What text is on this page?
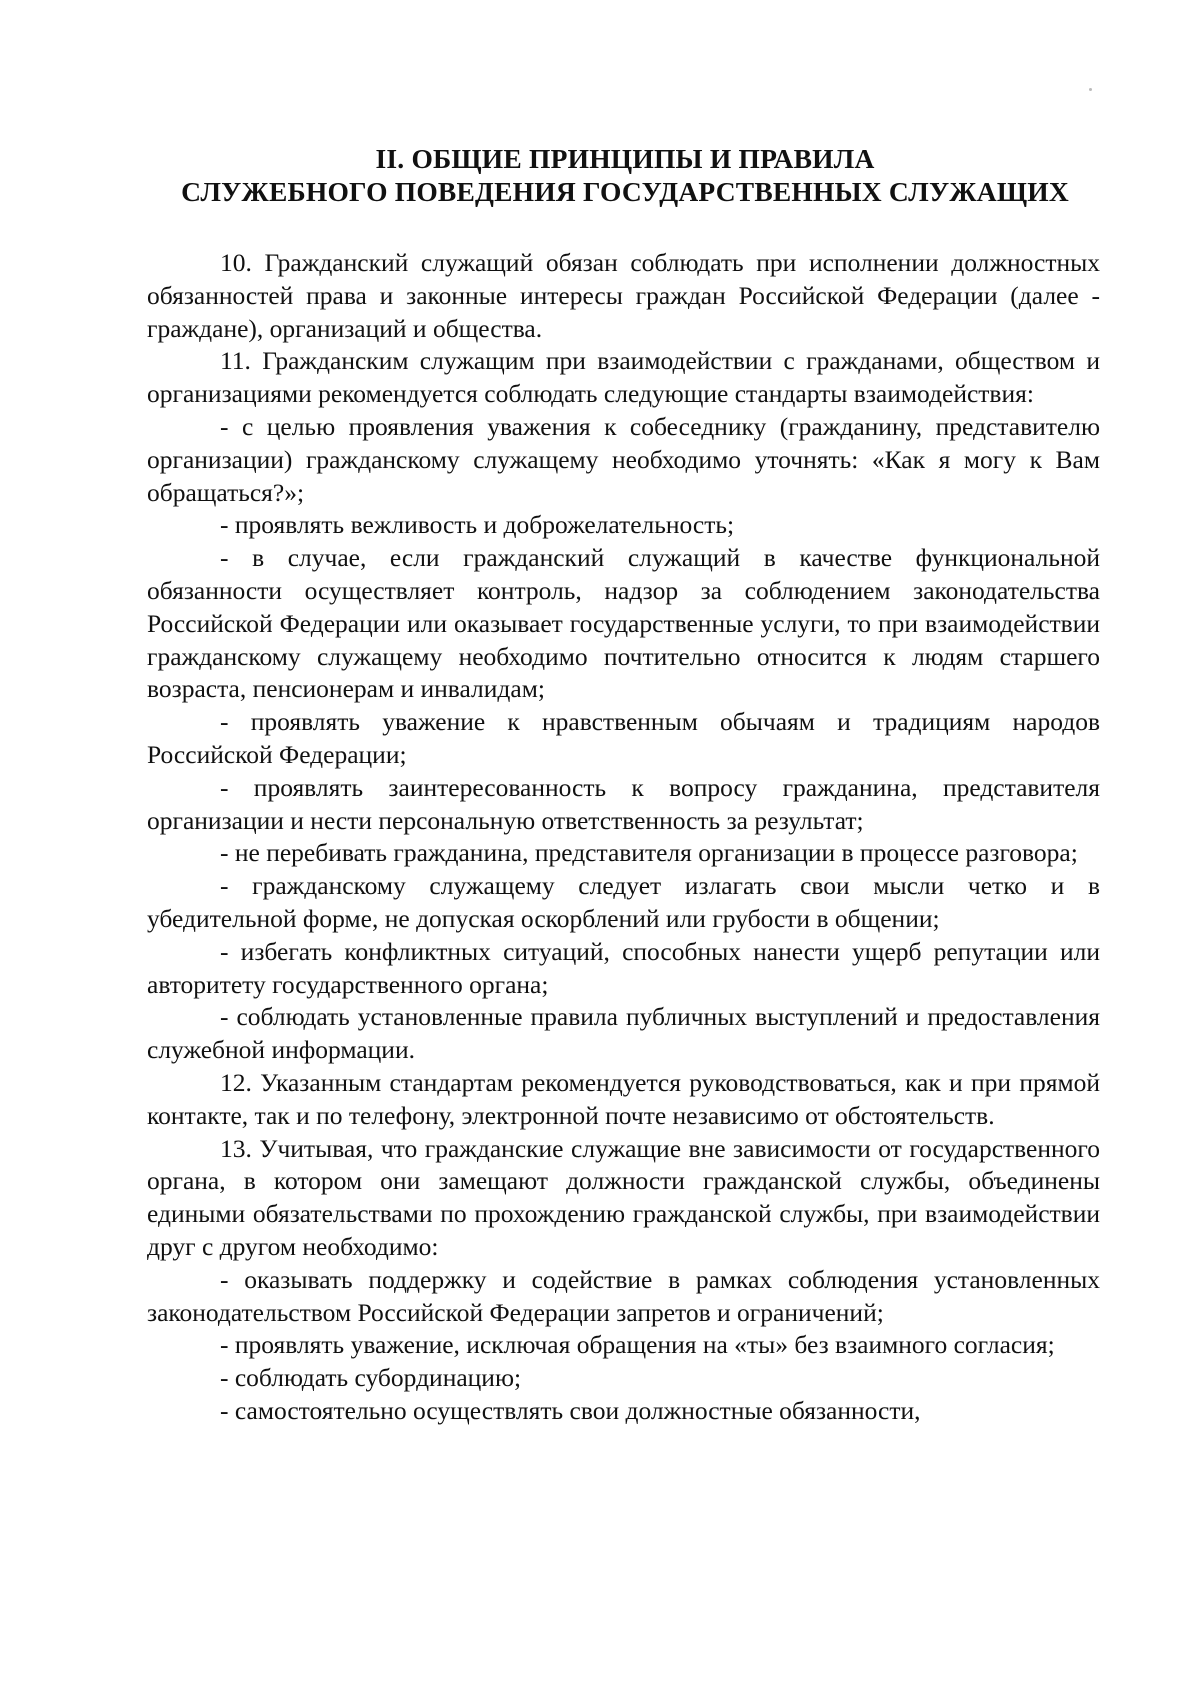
II. ОБЩИЕ ПРИНЦИПЫ И ПРАВИЛА
СЛУЖЕБНОГО ПОВЕДЕНИЯ ГОСУДАРСТВЕННЫХ СЛУЖАЩИХ

10. Гражданский служащий обязан соблюдать при исполнении должностных обязанностей права и законные интересы граждан Российской Федерации (далее - граждане), организаций и общества.

11. Гражданским служащим при взаимодействии с гражданами, обществом и организациями рекомендуется соблюдать следующие стандарты взаимодействия:

- с целью проявления уважения к собеседнику (гражданину, представителю организации) гражданскому служащему необходимо уточнять: «Как я могу к Вам обращаться?»;

- проявлять вежливость и доброжелательность;

- в случае, если гражданский служащий в качестве функциональной обязанности осуществляет контроль, надзор за соблюдением законодательства Российской Федерации или оказывает государственные услуги, то при взаимодействии гражданскому служащему необходимо почтительно относится к людям старшего возраста, пенсионерам и инвалидам;

- проявлять уважение к нравственным обычаям и традициям народов Российской Федерации;

- проявлять заинтересованность к вопросу гражданина, представителя организации и нести персональную ответственность за результат;

- не перебивать гражданина, представителя организации в процессе разговора;

- гражданскому служащему следует излагать свои мысли четко и в убедительной форме, не допуская оскорблений или грубости в общении;

- избегать конфликтных ситуаций, способных нанести ущерб репутации или авторитету государственного органа;

- соблюдать установленные правила публичных выступлений и предоставления служебной информации.

12. Указанным стандартам рекомендуется руководствоваться, как и при прямой контакте, так и по телефону, электронной почте независимо от обстоятельств.

13. Учитывая, что гражданские служащие вне зависимости от государственного органа, в котором они замещают должности гражданской службы, объединены едиными обязательствами по прохождению гражданской службы, при взаимодействии друг с другом необходимо:

- оказывать поддержку и содействие в рамках соблюдения установленных законодательством Российской Федерации запретов и ограничений;

- проявлять уважение, исключая обращения на «ты» без взаимного согласия;

- соблюдать субординацию;

- самостоятельно осуществлять свои должностные обязанности,
